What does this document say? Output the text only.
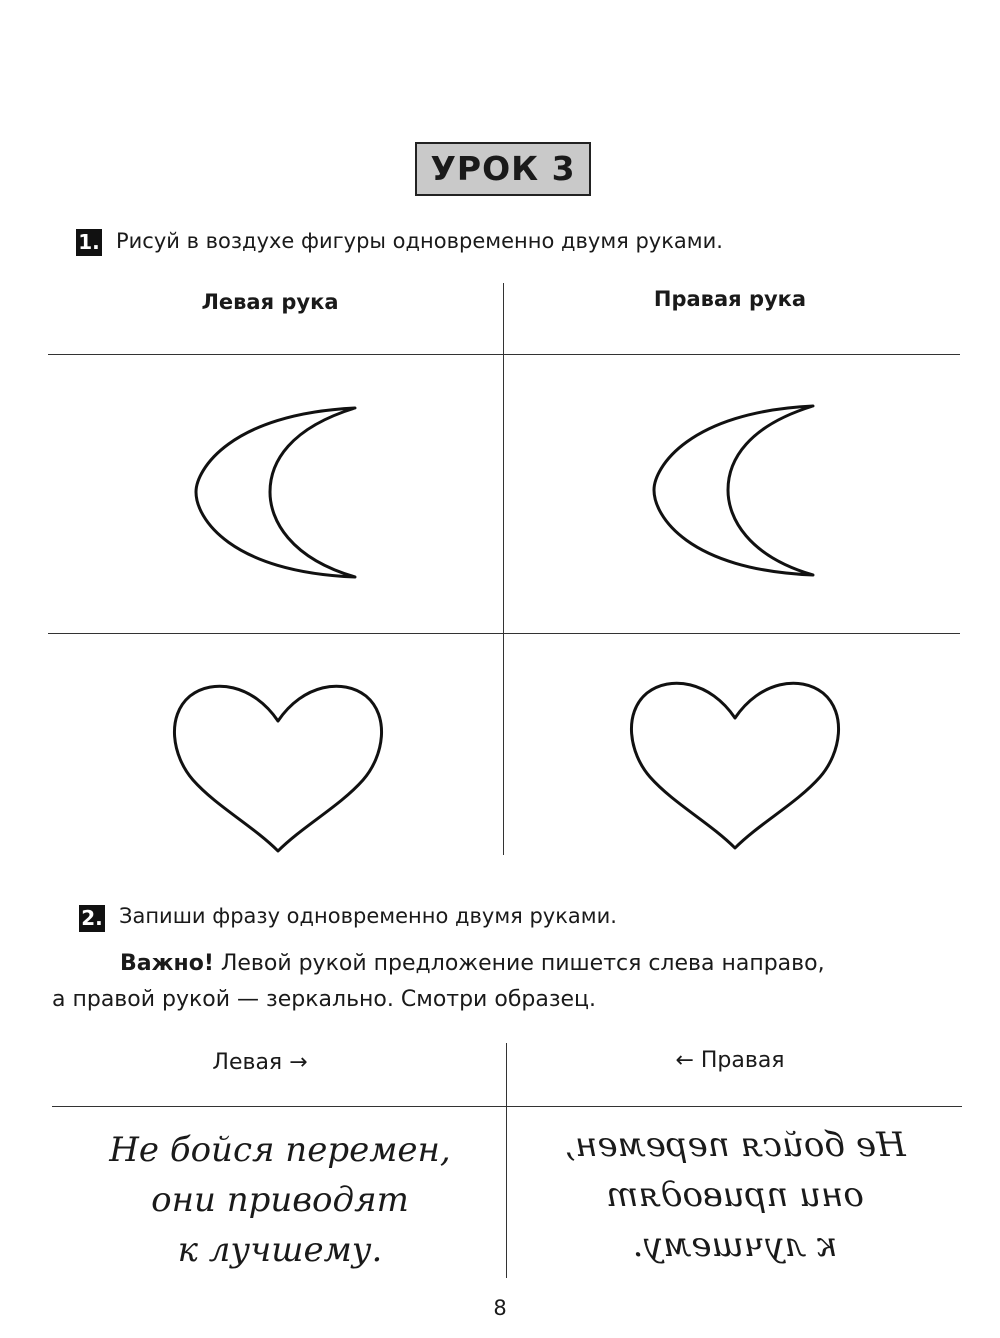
УРОК 3
1. Рисуй в воздухе фигуры одновременно двумя руками.
Левая рука	Правая рука
2. Запиши фразу одновременно двумя руками.
Важно! Левой рукой предложение пишется слева направо,
а правой рукой — зеркально. Смотри образец.
Левая →	← Правая
Не бойся перемен,
они приводят
к лучшему.
Не бойся перемен,
они приводят
к лучшему.
8
